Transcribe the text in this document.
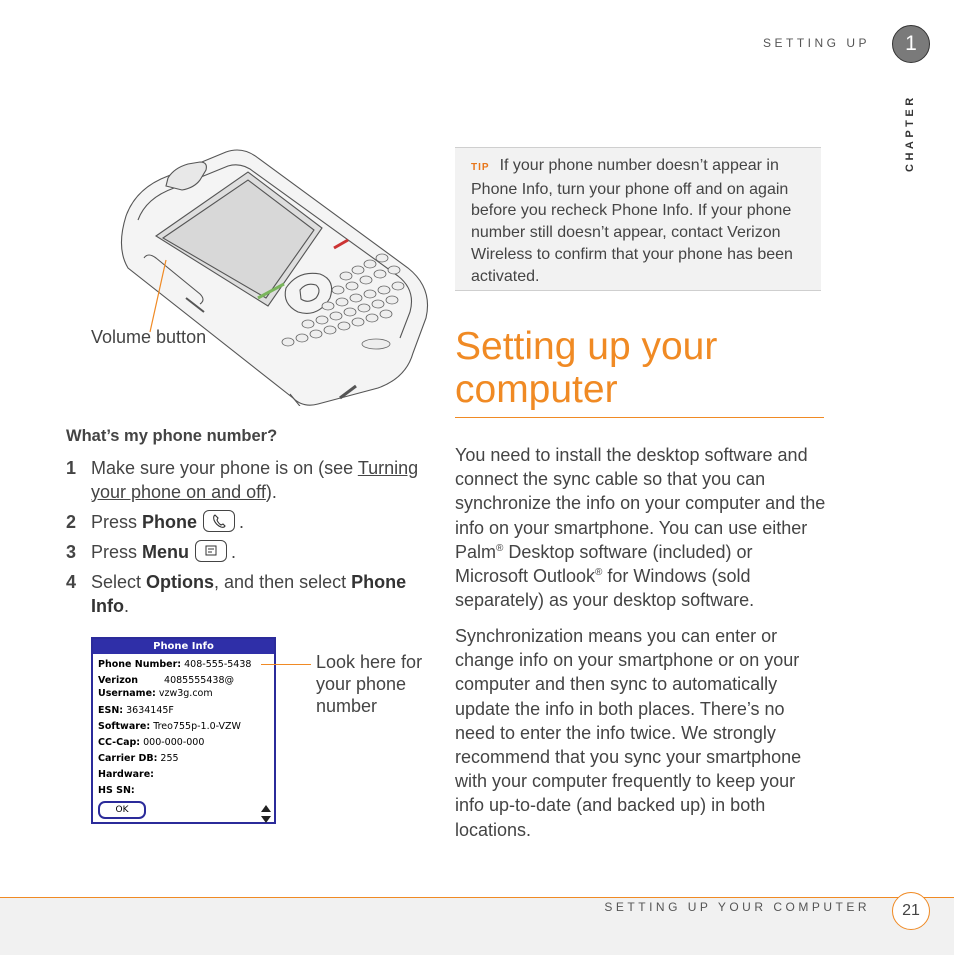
SETTING UP	1
CHAPTER
Volume button
What’s my phone number?
1 Make sure your phone is on (see Turning your phone on and off).
2 Press Phone .
3 Press Menu .
4 Select Options, and then select Phone Info.
Phone Info
Phone Number: 408-555-5438
Verizon	4085555438@
Username: vzw3g.com
ESN: 3634145F
Software: Treo755p-1.0-VZW
CC-Cap: 000-000-000
Carrier DB: 255
Hardware:
HS SN:
OK
Look here for your phone number
TIP If your phone number doesn’t appear in Phone Info, turn your phone off and on again before you recheck Phone Info. If your phone number still doesn’t appear, contact Verizon Wireless to confirm that your phone has been activated.
Setting up your computer
You need to install the desktop software and connect the sync cable so that you can synchronize the info on your computer and the info on your smartphone. You can use either Palm® Desktop software (included) or Microsoft Outlook® for Windows (sold separately) as your desktop software.
Synchronization means you can enter or change info on your smartphone or on your computer and then sync to automatically update the info in both places. There’s no need to enter the info twice. We strongly recommend that you sync your smartphone with your computer frequently to keep your info up-to-date (and backed up) in both locations.
SETTING UP YOUR COMPUTER	21
